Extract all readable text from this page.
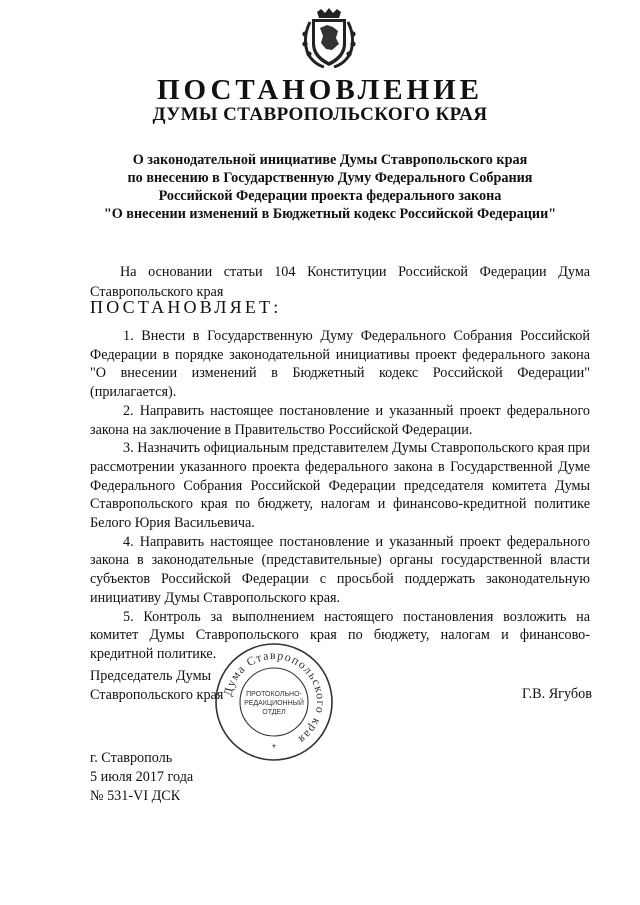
ПОСТАНОВЛЕНИЕ
ДУМЫ СТАВРОПОЛЬСКОГО КРАЯ
О законодательной инициативе Думы Ставропольского края
по внесению в Государственную Думу Федерального Собрания
Российской Федерации проекта федерального закона
"О внесении изменений в Бюджетный кодекс Российской Федерации"

На основании статьи 104 Конституции Российской Федерации Дума Ставропольского края

ПОСТАНОВЛЯЕТ:

1. Внести в Государственную Думу Федерального Собрания Российской Федерации в порядке законодательной инициативы проект федерального закона "О внесении изменений в Бюджетный кодекс Российской Федерации" (прилагается).

2. Направить настоящее постановление и указанный проект федерального закона на заключение в Правительство Российской Федерации.

3. Назначить официальным представителем Думы Ставропольского края при рассмотрении указанного проекта федерального закона в Государственной Думе Федерального Собрания Российской Федерации председателя комитета Думы Ставропольского края по бюджету, налогам и финансово-кредитной политике Белого Юрия Васильевича.

4. Направить настоящее постановление и указанный проект федерального закона в законодательные (представительные) органы государственной власти субъектов Российской Федерации с просьбой поддержать законодательную инициативу Думы Ставропольского края.

5. Контроль за выполнением настоящего постановления возложить на комитет Думы Ставропольского края по бюджету, налогам и финансово-кредитной политике.

Председатель Думы
Ставропольского края	Г.В. Ягубов
Дума Ставропольского края
ПРОТОКОЛЬНО-
РЕДАКЦИОННЫЙ
ОТДЕЛ
*
г. Ставрополь
5 июля 2017 года
№ 531-VI ДСК
